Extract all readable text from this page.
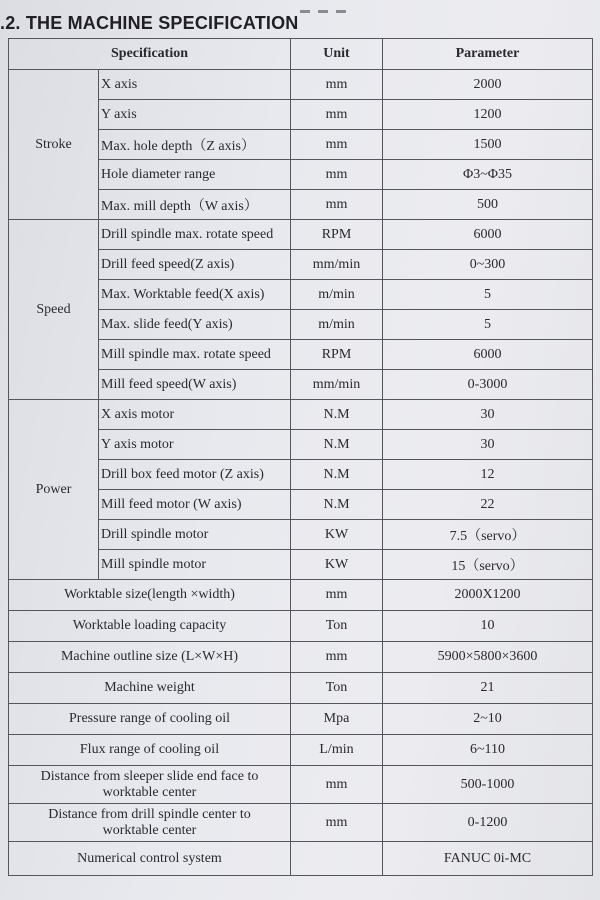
.2. THE MACHINE SPECIFICATION
Specification		Unit	Parameter
Stroke	X axis	mm	2000
	Y axis	mm	1200
	Max. hole depth（Z axis）	mm	1500
	Hole diameter range	mm	Φ3~Φ35
	Max. mill depth（W axis）	mm	500
Speed	Drill spindle max. rotate speed	RPM	6000
	Drill feed speed(Z axis)	mm/min	0~300
	Max. Worktable feed(X axis)	m/min	5
	Max. slide feed(Y axis)	m/min	5
	Mill spindle max. rotate speed	RPM	6000
	Mill feed speed(W axis)	mm/min	0-3000
Power	X axis motor	N.M	30
	Y axis motor	N.M	30
	Drill box feed motor (Z axis)	N.M	12
	Mill feed motor (W axis)	N.M	22
	Drill spindle motor	KW	7.5（servo）
	Mill spindle motor	KW	15（servo）
Worktable size(length ×width)		mm	2000X1200
Worktable loading capacity		Ton	10
Machine outline size (L×W×H)		mm	5900×5800×3600
Machine weight		Ton	21
Pressure range of cooling oil		Mpa	2~10
Flux range of cooling oil		L/min	6~110

Distance from sleeper slide end face to
worktable center		mm	500-1000

Distance from drill spindle center to
worktable center		mm	0-1200
Numerical control system			FANUC 0i-MC
